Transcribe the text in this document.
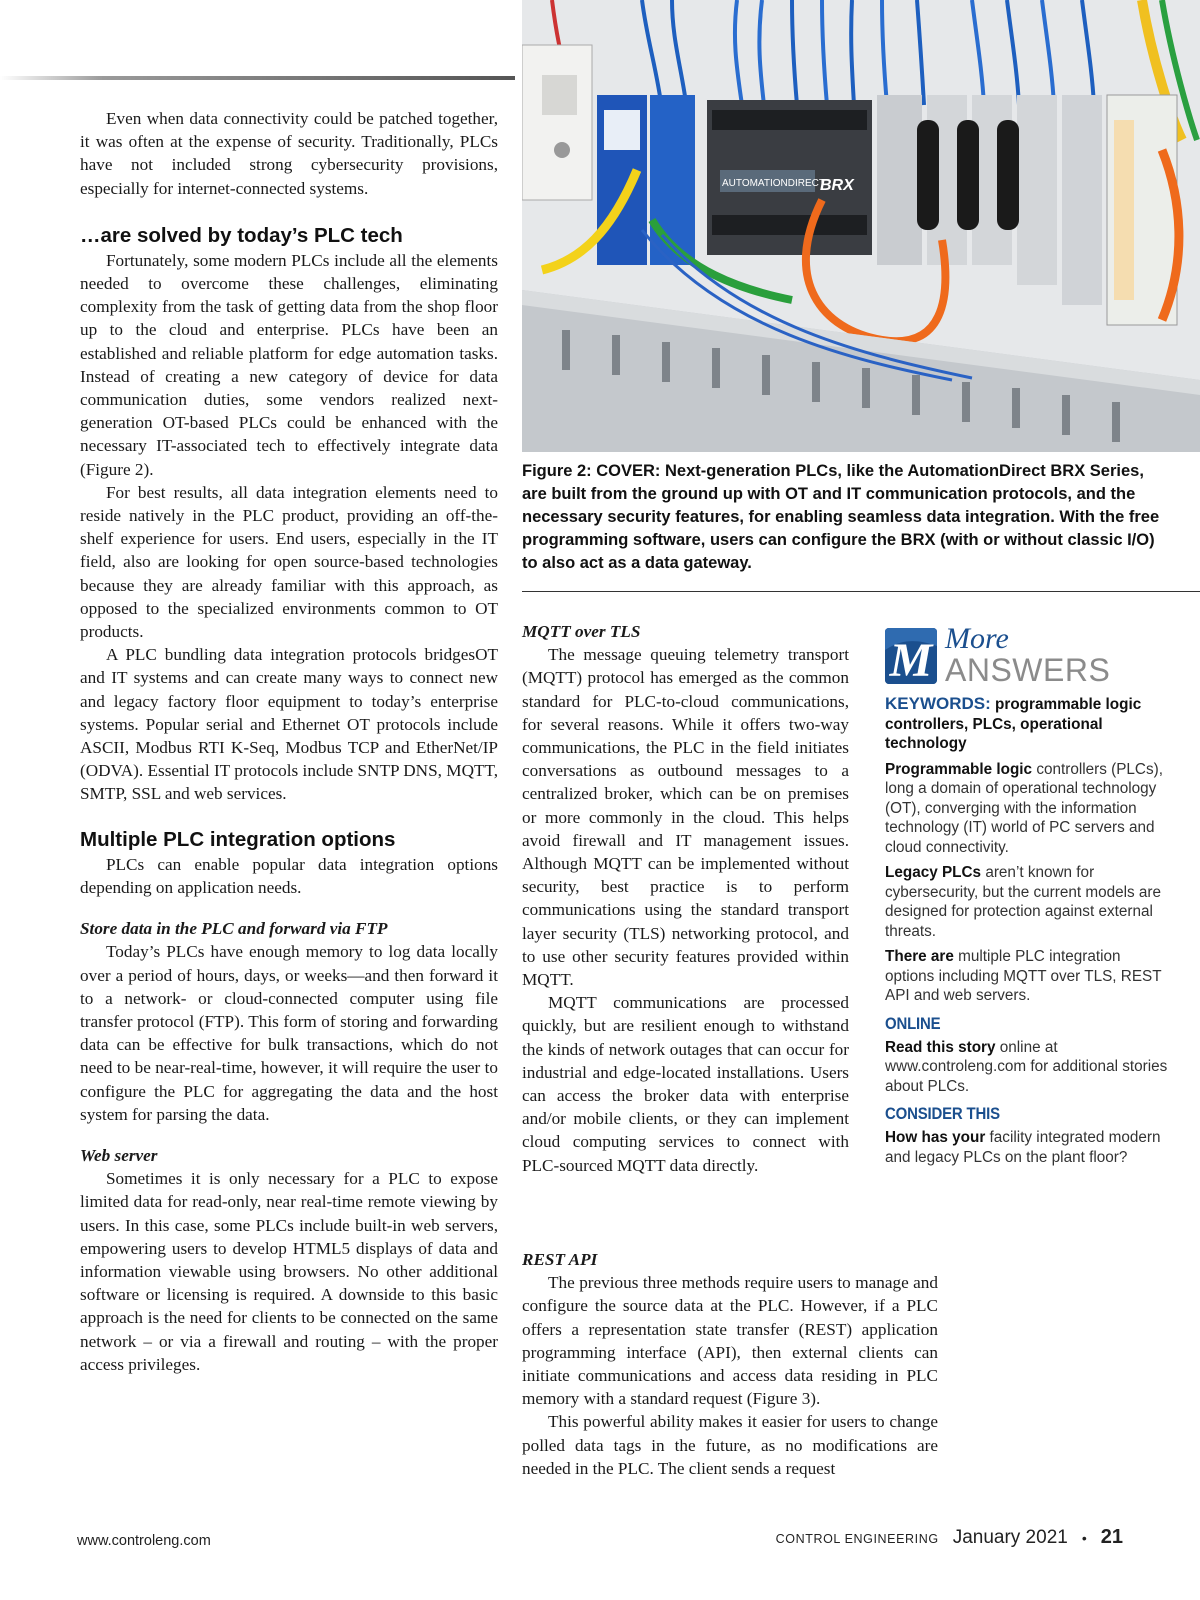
Even when data connectivity could be patched together, it was often at the expense of security. Traditionally, PLCs have not included strong cybersecurity provisions, especially for internet-connected systems.

…are solved by today’s PLC tech

Fortunately, some modern PLCs include all the elements needed to overcome these challenges, eliminating complexity from the task of getting data from the shop floor up to the cloud and enterprise. PLCs have been an established and reliable platform for edge automation tasks. Instead of creating a new category of device for data communication duties, some vendors realized next-generation OT-based PLCs could be enhanced with the necessary IT-associated tech to effectively integrate data (Figure 2).

For best results, all data integration elements need to reside natively in the PLC product, providing an off-the-shelf experience for users. End users, especially in the IT field, also are looking for open source-based technologies because they are already familiar with this approach, as opposed to the specialized environments common to OT products.

A PLC bundling data integration protocols bridgesOT and IT systems and can create many ways to connect new and legacy factory floor equipment to today’s enterprise systems. Popular serial and Ethernet OT protocols include ASCII, Modbus RTI K-Seq, Modbus TCP and EtherNet/IP (ODVA). Essential IT protocols include SNTP DNS, MQTT, SMTP, SSL and web services.

Multiple PLC integration options

PLCs can enable popular data integration options depending on application needs.

Store data in the PLC and forward via FTP

Today’s PLCs have enough memory to log data locally over a period of hours, days, or weeks—and then forward it to a network- or cloud-connected computer using file transfer protocol (FTP). This form of storing and forwarding data can be effective for bulk transactions, which do not need to be near-real-time, however, it will require the user to configure the PLC for aggregating the data and the host system for parsing the data.

Web server

Sometimes it is only necessary for a PLC to expose limited data for read-only, near real-time remote viewing by users. In this case, some PLCs include built-in web servers, empowering users to develop HTML5 displays of data and information viewable using browsers. No other additional software or licensing is required. A downside to this basic approach is the need for clients to be connected on the same network – or via a firewall and routing – with the proper access privileges.

AUTOMATIONDIRECT
BRX

Figure 2: COVER: Next-generation PLCs, like the AutomationDirect BRX Series, are built from the ground up with OT and IT communication protocols, and the necessary security features, for enabling seamless data integration. With the free programming software, users can configure the BRX (with or without classic I/O) to also act as a data gateway.

MQTT over TLS

The message queuing telemetry transport (MQTT) protocol has emerged as the common standard for PLC-to-cloud communications, for several reasons. While it offers two-way communications, the PLC in the field initiates conversations as outbound messages to a centralized broker, which can be on premises or more commonly in the cloud. This helps avoid firewall and IT management issues. Although MQTT can be implemented without security, best practice is to perform communications using the standard transport layer security (TLS) networking protocol, and to use other security features provided within MQTT.

MQTT communications are processed quickly, but are resilient enough to withstand the kinds of network outages that can occur for industrial and edge-located installations. Users can access the broker data with enterprise and/or mobile clients, or they can implement cloud computing services to connect with PLC-sourced MQTT data directly.

REST API

The previous three methods require users to manage and configure the source data at the PLC. However, if a PLC offers a representation state transfer (REST) application programming interface (API), then external clients can initiate communications and access data residing in PLC memory with a standard request (Figure 3).

This powerful ability makes it easier for users to change polled data tags in the future, as no modifications are needed in the PLC. The client sends a request

M More
ANSWERS

KEYWORDS: programmable logic controllers, PLCs, operational technology

Programmable logic controllers (PLCs), long a domain of operational technology (OT), converging with the information technology (IT) world of PC servers and cloud connectivity.

Legacy PLCs aren’t known for cybersecurity, but the current models are designed for protection against external threats.

There are multiple PLC integration options including MQTT over TLS, REST API and web servers.

ONLINE

Read this story online at www.controleng.com for additional stories about PLCs.

CONSIDER THIS

How has your facility integrated modern and legacy PLCs on the plant floor?

www.controleng.com	CONTROL ENGINEERING January 2021 • 21
